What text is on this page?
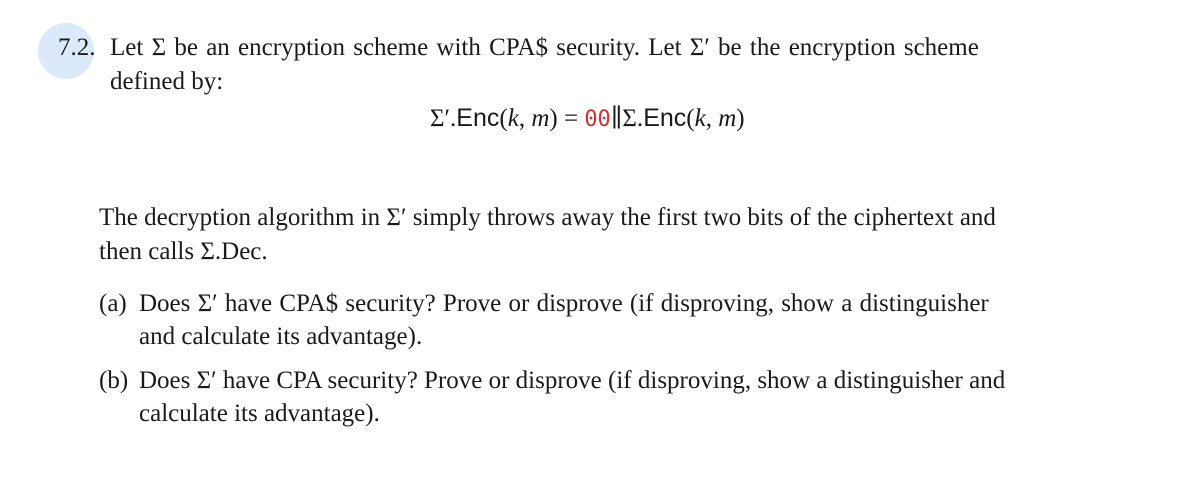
7.2. Let Σ be an encryption scheme with CPA$ security. Let Σ′ be the encryption scheme
defined by:
Σ′.Enc(k, m) = 00∥Σ.Enc(k, m)
The decryption algorithm in Σ′ simply throws away the first two bits of the ciphertext and
then calls Σ.Dec.
(a) Does Σ′ have CPA$ security? Prove or disprove (if disproving, show a distinguisher
and calculate its advantage).
(b) Does Σ′ have CPA security? Prove or disprove (if disproving, show a distinguisher and
calculate its advantage).
